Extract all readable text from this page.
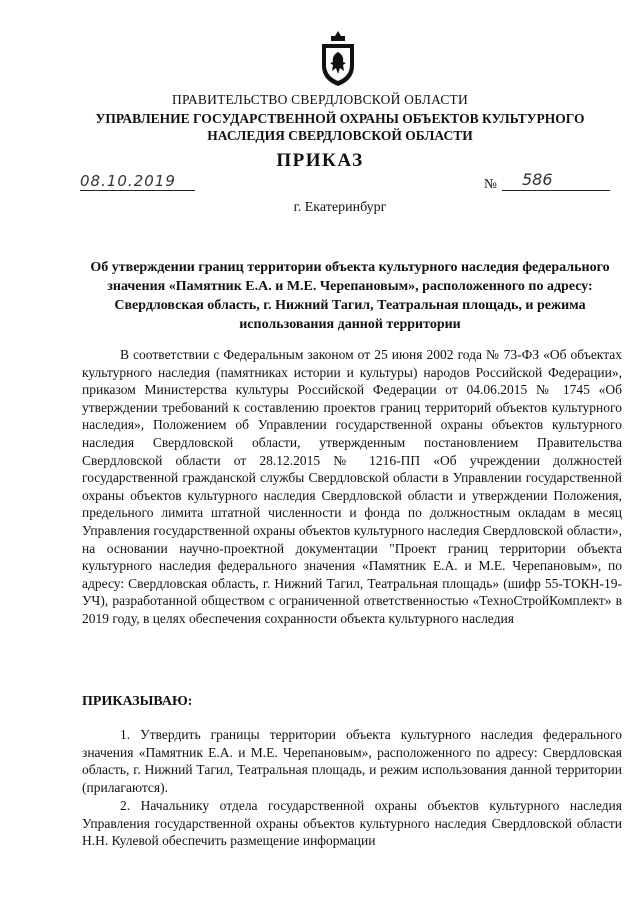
ПРАВИТЕЛЬСТВО СВЕРДЛОВСКОЙ ОБЛАСТИ

УПРАВЛЕНИЕ ГОСУДАРСТВЕННОЙ ОХРАНЫ ОБЪЕКТОВ КУЛЬТУРНОГО НАСЛЕДИЯ СВЕРДЛОВСКОЙ ОБЛАСТИ

ПРИКАЗ

08.10.2019	№ 586

г. Екатеринбург

Об утверждении границ территории объекта культурного наследия федерального значения «Памятник Е.А. и М.Е. Черепановым», расположенного по адресу: Свердловская область, г. Нижний Тагил, Театральная площадь, и режима использования данной территории

В соответствии с Федеральным законом от 25 июня 2002 года № 73-ФЗ «Об объектах культурного наследия (памятниках истории и культуры) народов Российской Федерации», приказом Министерства культуры Российской Федерации от 04.06.2015 № 1745 «Об утверждении требований к составлению проектов границ территорий объектов культурного наследия», Положением об Управлении государственной охраны объектов культурного наследия Свердловской области, утвержденным постановлением Правительства Свердловской области от 28.12.2015 № 1216-ПП «Об учреждении должностей государственной гражданской службы Свердловской области в Управлении государственной охраны объектов культурного наследия Свердловской области и утверждении Положения, предельного лимита штатной численности и фонда по должностным окладам в месяц Управления государственной охраны объектов культурного наследия Свердловской области», на основании научно-проектной документации "Проект границ территории объекта культурного наследия федерального значения «Памятник Е.А. и М.Е. Черепановым», по адресу: Свердловская область, г. Нижний Тагил, Театральная площадь» (шифр 55-ТОКН-19-УЧ), разработанной обществом с ограниченной ответственностью «ТехноСтройКомплект» в 2019 году, в целях обеспечения сохранности объекта культурного наследия

ПРИКАЗЫВАЮ:

1. Утвердить границы территории объекта культурного наследия федерального значения «Памятник Е.А. и М.Е. Черепановым», расположенного по адресу: Свердловская область, г. Нижний Тагил, Театральная площадь, и режим использования данной территории (прилагаются).

2. Начальнику отдела государственной охраны объектов культурного наследия Управления государственной охраны объектов культурного наследия Свердловской области Н.Н. Кулевой обеспечить размещение информации
